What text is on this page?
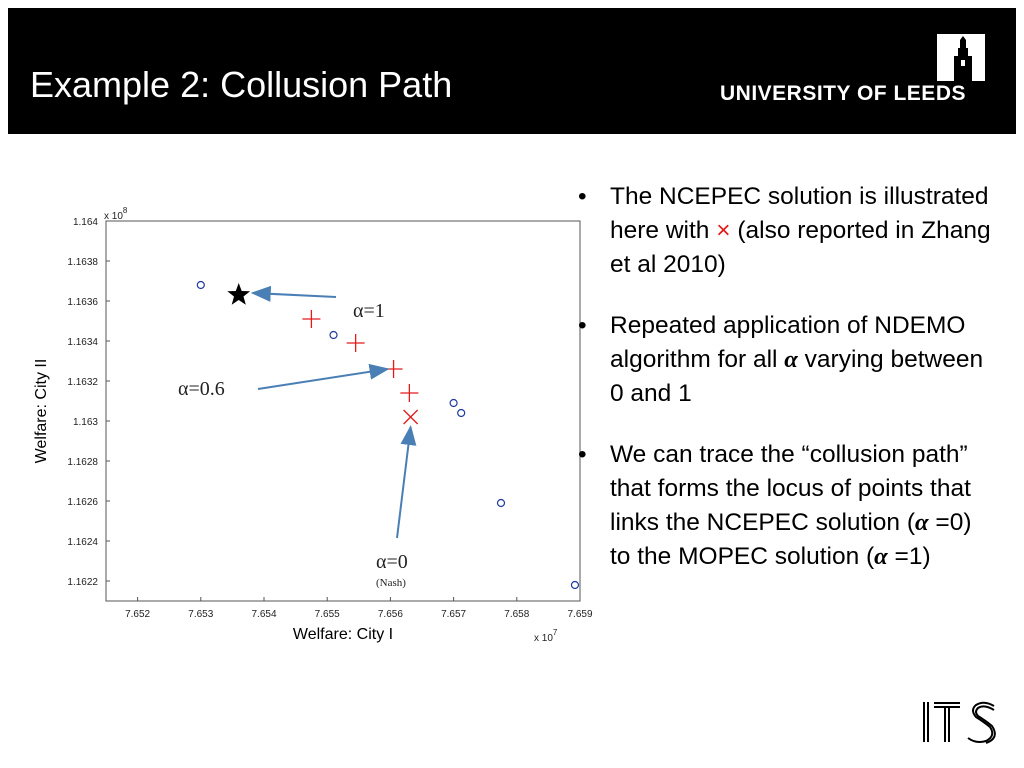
Example 2: Collusion Path	UNIVERSITY OF LEEDS
7.652	7.653	7.654	7.655	7.656	7.657	7.658	7.659
1.164
1.1638
1.1636
1.1634
1.1632
1.163
1.1628
1.1626
1.1624
1.1622
Welfare: City I
Welfare: City II
x $10^7$
x $10^8$
α=1
α=0.6
α=0
(Nash)
• The NCEPEC solution is illustrated here with × (also reported in Zhang et al 2010)
• Repeated application of NDEMO algorithm for all α varying between 0 and 1
• We can trace the “collusion path” that forms the locus of points that links the NCEPEC solution (α =0) to the MOPEC solution (α =1)
